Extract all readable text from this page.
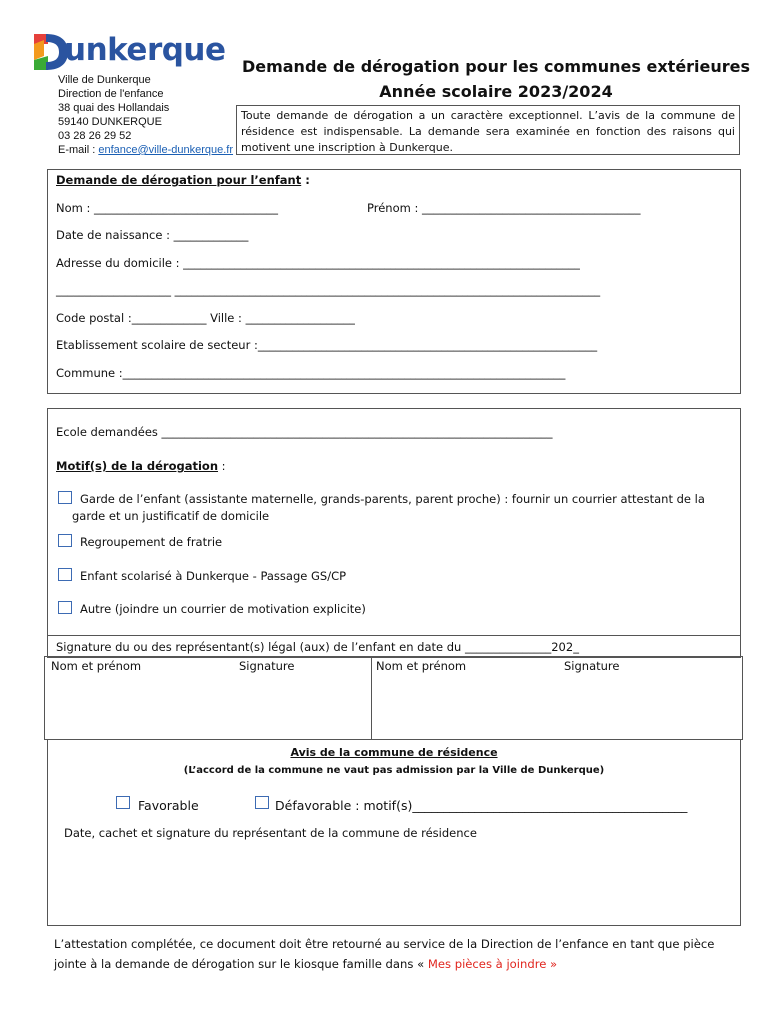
unkerque
Ville de Dunkerque
Direction de l'enfance
38 quai des Hollandais
59140 DUNKERQUE
03 28 26 29 52
E-mail : enfance@ville-dunkerque.fr
Demande de dérogation pour les communes extérieures
Année scolaire 2023/2024
Toute demande de dérogation a un caractère exceptionnel. L’avis de la commune de résidence est indispensable. La demande sera examinée en fonction des raisons qui motivent une inscription à Dunkerque.
Demande de dérogation pour l’enfant :
Nom : ________________________________	Prénom : ______________________________________
Date de naissance : _____________
Adresse du domicile : _____________________________________________________________________
____________________ __________________________________________________________________________
Code postal :_____________ Ville : ___________________
Etablissement scolaire de secteur :___________________________________________________________
Commune :_____________________________________________________________________________
Ecole demandées ____________________________________________________________________
Motif(s) de la dérogation :
Garde de l’enfant (assistante maternelle, grands-parents, parent proche) : fournir un courrier attestant de la
garde et un justificatif de domicile
Regroupement de fratrie
Enfant scolarisé à Dunkerque - Passage GS/CP
Autre (joindre un courrier de motivation explicite)
Signature du ou des représentant(s) légal (aux) de l’enfant en date du _______________202_
Nom et prénom	Signature	Nom et prénom	Signature
Avis de la commune de résidence
(L’accord de la commune ne vaut pas admission par la Ville de Dunkerque)
Favorable	Défavorable : motif(s)____________________________________________
Date, cachet et signature du représentant de la commune de résidence
L’attestation complétée, ce document doit être retourné au service de la Direction de l’enfance en tant que pièce
jointe à la demande de dérogation sur le kiosque famille dans « Mes pièces à joindre »
